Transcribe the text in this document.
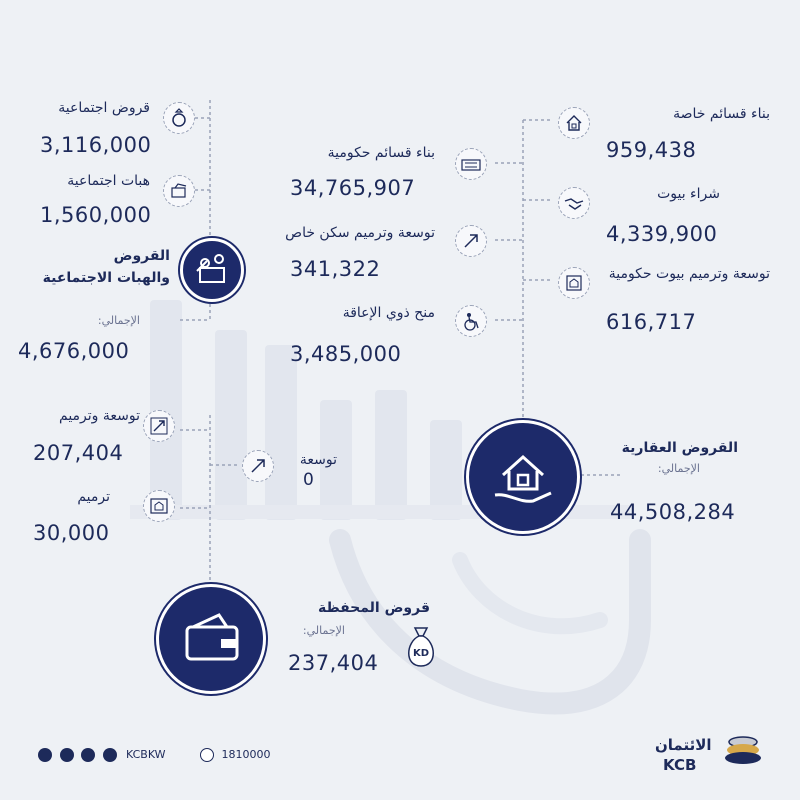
قروض اجتماعية
3,116,000
هبات اجتماعية
1,560,000
القروض
والهبات الاجتماعية
الإجمالي:
4,676,000
بناء قسائم حكومية
34,765,907
توسعة وترميم سكن خاص
341,322
منح ذوي الإعاقة
3,485,000
بناء قسائم خاصة
959,438
شراء بيوت
4,339,900
توسعة وترميم بيوت حكومية
616,717
القروض العقارية
الإجمالي:
44,508,284
توسعة وترميم
207,404	توسعة
0
ترميم
30,000
قروض المحفظة
الإجمالي:
237,404	KD
KCBKW	1810000
الائتمان
KCB
